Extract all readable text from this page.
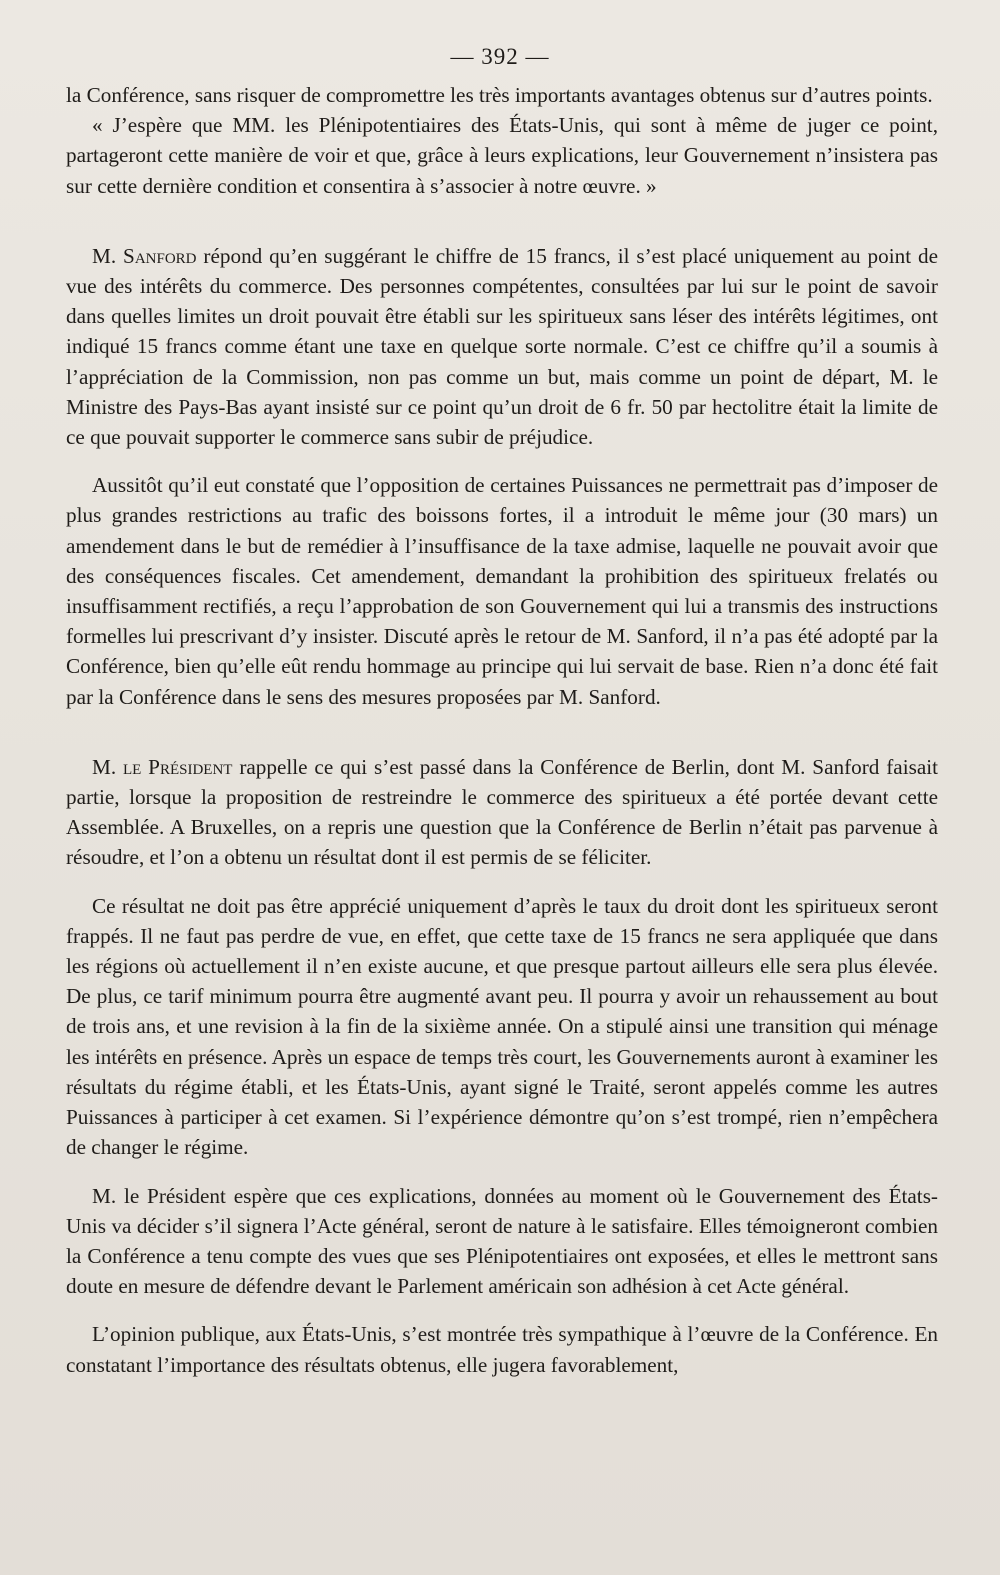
— 392 —

la Conférence, sans risquer de compromettre les très importants avantages obtenus sur d’autres points.

« J’espère que MM. les Plénipotentiaires des États-Unis, qui sont à même de juger ce point, partageront cette manière de voir et que, grâce à leurs explications, leur Gouvernement n’insistera pas sur cette dernière condition et consentira à s’associer à notre œuvre. »

M. Sanford répond qu’en suggérant le chiffre de 15 francs, il s’est placé uniquement au point de vue des intérêts du commerce. Des personnes compétentes, consultées par lui sur le point de savoir dans quelles limites un droit pouvait être établi sur les spiritueux sans léser des intérêts légitimes, ont indiqué 15 francs comme étant une taxe en quelque sorte normale. C’est ce chiffre qu’il a soumis à l’appréciation de la Commission, non pas comme un but, mais comme un point de départ, M. le Ministre des Pays-Bas ayant insisté sur ce point qu’un droit de 6 fr. 50 par hectolitre était la limite de ce que pouvait supporter le commerce sans subir de préjudice.

Aussitôt qu’il eut constaté que l’opposition de certaines Puissances ne permettrait pas d’imposer de plus grandes restrictions au trafic des boissons fortes, il a introduit le même jour (30 mars) un amendement dans le but de remédier à l’insuffisance de la taxe admise, laquelle ne pouvait avoir que des conséquences fiscales. Cet amendement, demandant la prohibition des spiritueux frelatés ou insuffisamment rectifiés, a reçu l’approbation de son Gouvernement qui lui a transmis des instructions formelles lui prescrivant d’y insister. Discuté après le retour de M. Sanford, il n’a pas été adopté par la Conférence, bien qu’elle eût rendu hommage au principe qui lui servait de base. Rien n’a donc été fait par la Conférence dans le sens des mesures proposées par M. Sanford.

M. le Président rappelle ce qui s’est passé dans la Conférence de Berlin, dont M. Sanford faisait partie, lorsque la proposition de restreindre le commerce des spiritueux a été portée devant cette Assemblée. A Bruxelles, on a repris une question que la Conférence de Berlin n’était pas parvenue à résoudre, et l’on a obtenu un résultat dont il est permis de se féliciter.

Ce résultat ne doit pas être apprécié uniquement d’après le taux du droit dont les spiritueux seront frappés. Il ne faut pas perdre de vue, en effet, que cette taxe de 15 francs ne sera appliquée que dans les régions où actuellement il n’en existe aucune, et que presque partout ailleurs elle sera plus élevée. De plus, ce tarif minimum pourra être augmenté avant peu. Il pourra y avoir un rehaussement au bout de trois ans, et une revision à la fin de la sixième année. On a stipulé ainsi une transition qui ménage les intérêts en présence. Après un espace de temps très court, les Gouvernements auront à examiner les résultats du régime établi, et les États-Unis, ayant signé le Traité, seront appelés comme les autres Puissances à participer à cet examen. Si l’expérience démontre qu’on s’est trompé, rien n’empêchera de changer le régime.

M. le Président espère que ces explications, données au moment où le Gouvernement des États-Unis va décider s’il signera l’Acte général, seront de nature à le satisfaire. Elles témoigneront combien la Conférence a tenu compte des vues que ses Plénipotentiaires ont exposées, et elles le mettront sans doute en mesure de défendre devant le Parlement américain son adhésion à cet Acte général.

L’opinion publique, aux États-Unis, s’est montrée très sympathique à l’œuvre de la Conférence. En constatant l’importance des résultats obtenus, elle jugera favorablement,
